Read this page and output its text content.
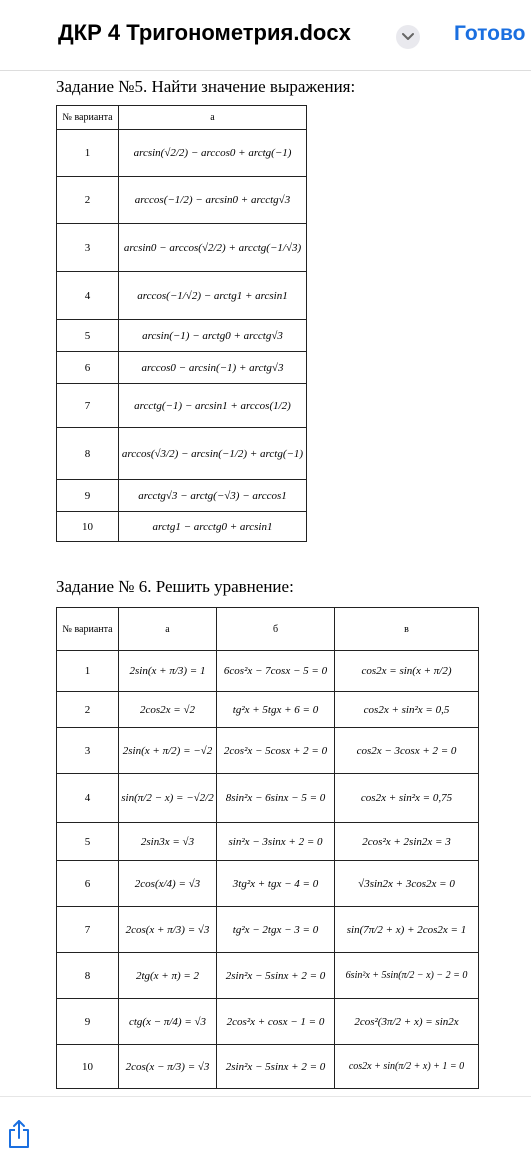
ДКР 4 Тригонометрия.docx	Готово
Задание №5. Найти значение выражения:
№ варианта	а
1	arcsin(√2/2) − arccos0 + arctg(−1)
2	arccos(−1/2) − arcsin0 + arcctg√3
3	arcsin0 − arccos(√2/2) + arcctg(−1/√3)
4	arccos(−1/√2) − arctg1 + arcsin1
5	arcsin(−1) − arctg0 + arcctg√3
6	arccos0 − arcsin(−1) + arctg√3
7	arcctg(−1) − arcsin1 + arccos(1/2)
8	arccos(√3/2) − arcsin(−1/2) + arctg(−1)
9	arcctg√3 − arctg(−√3) − arccos1
10	arctg1 − arcctg0 + arcsin1
Задание № 6. Решить уравнение:
№ варианта	а	б	в
1	2sin(x + π/3) = 1	6cos²x − 7cosx − 5 = 0	cos2x = sin(x + π/2)
2	2cos2x = √2	tg²x + 5tgx + 6 = 0	cos2x + sin²x = 0,5
3	2sin(x + π/2) = −√2	2cos²x − 5cosx + 2 = 0	cos2x − 3cosx + 2 = 0
4	sin(π/2 − x) = −√2/2	8sin²x − 6sinx − 5 = 0	cos2x + sin²x = 0,75
5	2sin3x = √3	sin²x − 3sinx + 2 = 0	2cos²x + 2sin2x = 3
6	2cos(x/4) = √3	3tg²x + tgx − 4 = 0	√3sin2x + 3cos2x = 0
7	2cos(x + π/3) = √3	tg²x − 2tgx − 3 = 0	sin(7π/2 + x) + 2cos2x = 1
8	2tg(x + π) = 2	2sin²x − 5sinx + 2 = 0	6sin²x + 5sin(π/2 − x) − 2 = 0
9	ctg(x − π/4) = √3	2cos²x + cosx − 1 = 0	2cos²(3π/2 + x) = sin2x
10	2cos(x − π/3) = √3	2sin²x − 5sinx + 2 = 0	cos2x + sin(π/2 + x) + 1 = 0
